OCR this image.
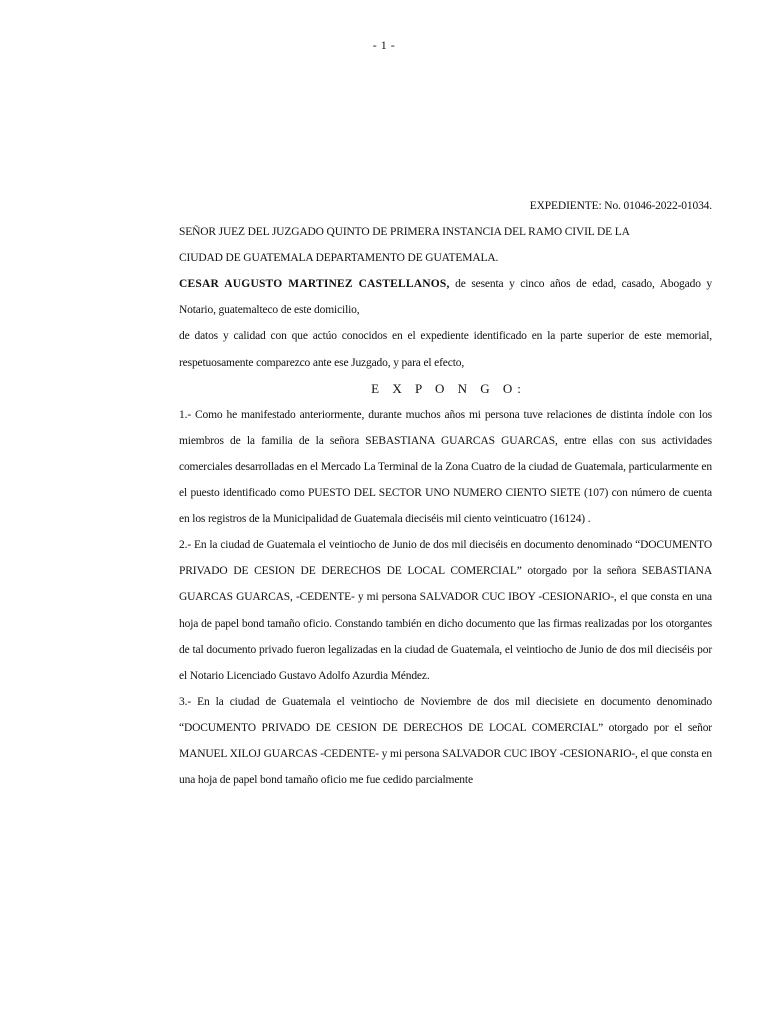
- 1 -

EXPEDIENTE: No. 01046-2022-01034.

SEÑOR JUEZ DEL JUZGADO QUINTO DE PRIMERA INSTANCIA DEL RAMO CIVIL DE LA

CIUDAD DE GUATEMALA DEPARTAMENTO DE GUATEMALA.

CESAR AUGUSTO MARTINEZ CASTELLANOS, de sesenta y cinco años de edad, casado, Abogado y Notario, guatemalteco de este domicilio,

de datos y calidad con que actúo conocidos en el expediente identificado en la parte superior de este memorial, respetuosamente comparezco ante ese Juzgado, y para el efecto,

E X P O N G O:

1.- Como he manifestado anteriormente, durante muchos años mi persona tuve relaciones de distinta índole con los miembros de la familia de la señora SEBASTIANA GUARCAS GUARCAS, entre ellas con sus actividades comerciales desarrolladas en el Mercado La Terminal de la Zona Cuatro de la ciudad de Guatemala, particularmente en el puesto identificado como PUESTO DEL SECTOR UNO NUMERO CIENTO SIETE (107) con número de cuenta en los registros de la Municipalidad de Guatemala dieciséis mil ciento veinticuatro (16124) .

2.- En la ciudad de Guatemala el veintiocho de Junio de dos mil dieciséis en documento denominado “DOCUMENTO PRIVADO DE CESION DE DERECHOS DE LOCAL COMERCIAL” otorgado por la señora SEBASTIANA GUARCAS GUARCAS, -CEDENTE- y mi persona SALVADOR CUC IBOY -CESIONARIO-, el que consta en una hoja de papel bond tamaño oficio. Constando también en dicho documento que las firmas realizadas por los otorgantes de tal documento privado fueron legalizadas en la ciudad de Guatemala, el veintiocho de Junio de dos mil dieciséis por el Notario Licenciado Gustavo Adolfo Azurdia Méndez.

3.- En la ciudad de Guatemala el veintiocho de Noviembre de dos mil diecisiete en documento denominado “DOCUMENTO PRIVADO DE CESION DE DERECHOS DE LOCAL COMERCIAL” otorgado por el señor MANUEL XILOJ GUARCAS -CEDENTE- y mi persona SALVADOR CUC IBOY -CESIONARIO-, el que consta en una hoja de papel bond tamaño oficio me fue cedido parcialmente
